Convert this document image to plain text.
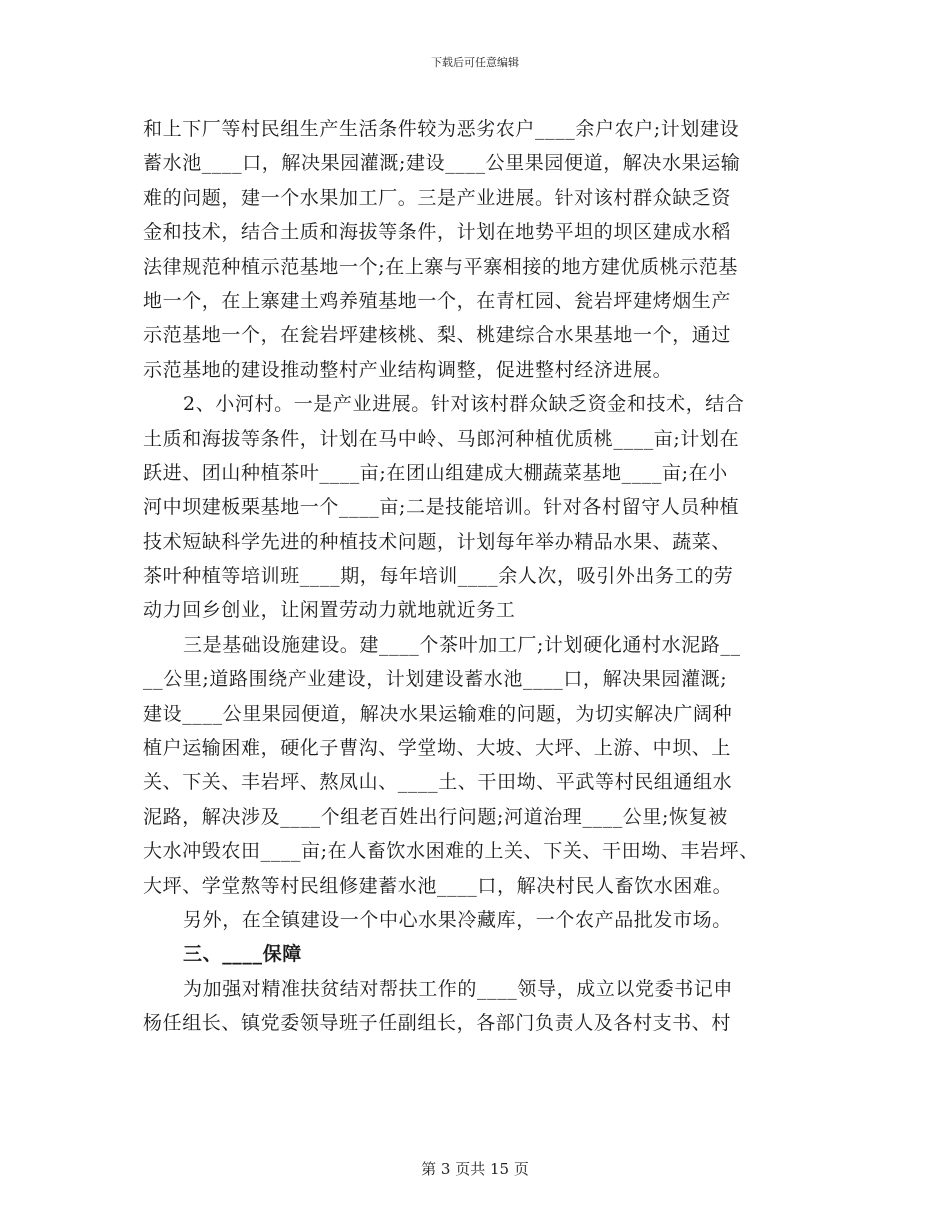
下载后可任意编辑
和上下厂等村民组生产生活条件较为恶劣农户____余户农户;计划建设
蓄水池____口，解决果园灌溉;建设____公里果园便道，解决水果运输
难的问题，建一个水果加工厂。三是产业进展。针对该村群众缺乏资
金和技术，结合土质和海拔等条件，计划在地势平坦的坝区建成水稻
法律规范种植示范基地一个;在上寨与平寨相接的地方建优质桃示范基
地一个，在上寨建土鸡养殖基地一个，在青杠园、瓮岩坪建烤烟生产
示范基地一个，在瓮岩坪建核桃、梨、桃建综合水果基地一个，通过
示范基地的建设推动整村产业结构调整，促进整村经济进展。
2、小河村。一是产业进展。针对该村群众缺乏资金和技术，结合
土质和海拔等条件，计划在马中岭、马郎河种植优质桃____亩;计划在
跃进、团山种植茶叶____亩;在团山组建成大棚蔬菜基地____亩;在小
河中坝建板栗基地一个____亩;二是技能培训。针对各村留守人员种植
技术短缺科学先进的种植技术问题，计划每年举办精品水果、蔬菜、
茶叶种植等培训班____期，每年培训____余人次，吸引外出务工的劳
动力回乡创业，让闲置劳动力就地就近务工
三是基础设施建设。建____个茶叶加工厂;计划硬化通村水泥路__
__公里;道路围绕产业建设，计划建设蓄水池____口，解决果园灌溉;
建设____公里果园便道，解决水果运输难的问题，为切实解决广阔种
植户运输困难，硬化子曹沟、学堂坳、大坡、大坪、上游、中坝、上
关、下关、丰岩坪、熬凤山、____土、干田坳、平武等村民组通组水
泥路，解决涉及____个组老百姓出行问题;河道治理____公里;恢复被
大水冲毁农田____亩;在人畜饮水困难的上关、下关、干田坳、丰岩坪、
大坪、学堂熬等村民组修建蓄水池____口，解决村民人畜饮水困难。
另外，在全镇建设一个中心水果冷藏库，一个农产品批发市场。
三、____保障
为加强对精准扶贫结对帮扶工作的____领导，成立以党委书记申
杨任组长、镇党委领导班子任副组长，各部门负责人及各村支书、村
第 3 页共 15 页
